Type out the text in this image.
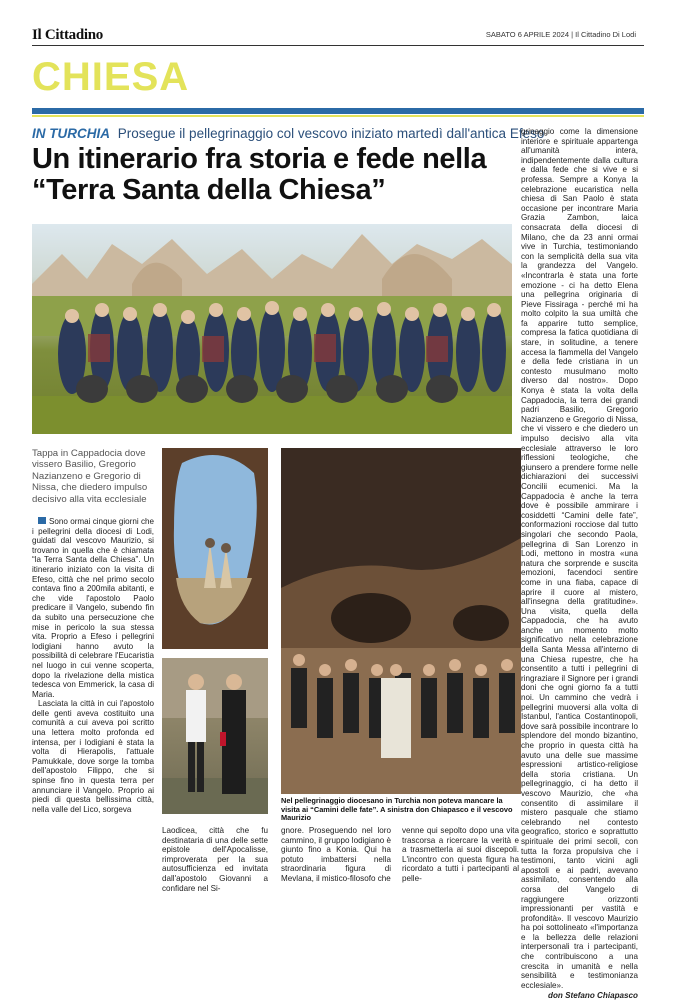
Il Cittadino	SABATO 6 APRILE 2024 | Il Cittadino Di Lodi
CHIESA
IN TURCHIA Prosegue il pellegrinaggio col vescovo iniziato martedì dall'antica Efeso
Un itinerario fra storia e fede nella “Terra Santa della Chiesa”
Tappa in Cappadocia dove vissero Basilio, Gregorio Nazianzeno e Gregorio di Nissa, che diedero impulso decisivo alla vita ecclesiale

Sono ormai cinque giorni che i pellegrini della diocesi di Lodi, guidati dal vescovo Maurizio, si trovano in quella che è chiamata “la Terra Santa della Chiesa”. Un itinerario iniziato con la visita di Efeso, città che nel primo secolo contava fino a 200mila abitanti, e che vide l'apostolo Paolo predicare il Vangelo, subendo fin da subito una persecuzione che mise in pericolo la sua stessa vita. Proprio a Efeso i pellegrini lodigiani hanno avuto la possibilità di celebrare l'Eucaristia nel luogo in cui venne scoperta, dopo la rivelazione della mistica tedesca von Emmerick, la casa di Maria.

Lasciata la città in cui l'apostolo delle genti aveva costituito una comunità a cui aveva poi scritto una lettera molto profonda ed intensa, per i lodigiani è stata la volta di Hierapolis, l'attuale Pamukkale, dove sorge la tomba dell'apostolo Filippo, che si spinse fino in questa terra per annunciare il Vangelo. Proprio ai piedi di questa bellissima città, nella valle del Lico, sorgeva

Nel pellegrinaggio diocesano in Turchia non poteva mancare la visita ai “Camini delle fate”. A sinistra don Chiapasco e il vescovo Maurizio
Laodicea, città che fu destinataria di una delle sette epistole dell'Apocalisse, rimproverata per la sua autosufficienza ed invitata dall'apostolo Giovanni a confidare nel Si-
gnore. Proseguendo nel loro cammino, il gruppo lodigiano è giunto fino a Konia. Qui ha potuto imbattersi nella straordinaria figura di Mevlana, il mistico-filosofo che
venne qui sepolto dopo una vita trascorsa a ricercare la verità e a trasmetterla ai suoi discepoli. L'incontro con questa figura ha ricordato a tutti i partecipanti al pelle-

grinaggio come la dimensione interiore e spirituale appartenga all'umanità intera, indipendentemente dalla cultura e dalla fede che si vive e si professa. Sempre a Konya la celebrazione eucaristica nella chiesa di San Paolo è stata occasione per incontrare Maria Grazia Zambon, laica consacrata della diocesi di Milano, che da 23 anni ormai vive in Turchia, testimoniando con la semplicità della sua vita la grandezza del Vangelo. «Incontrarla è stata una forte emozione - ci ha detto Elena una pellegrina originaria di Pieve Fissiraga - perché mi ha molto colpito la sua umiltà che fa apparire tutto semplice, compresa la fatica quotidiana di stare, in solitudine, a tenere accesa la fiammella del Vangelo e della fede cristiana in un contesto musulmano molto diverso dal nostro». Dopo Konya è stata la volta della Cappadocia, la terra dei grandi padri Basilio, Gregorio Nazianzeno e Gregorio di Nissa, che vi vissero e che diedero un impulso decisivo alla vita ecclesiale attraverso le loro riflessioni teologiche, che giunsero a prendere forme nelle dichiarazioni dei successivi Concilii ecumenici. Ma la Cappadocia è anche la terra dove è possibile ammirare i cosiddetti “Camini delle fate”, conformazioni rocciose dal tutto singolari che secondo Paola, pellegrina di San Lorenzo in Lodi, mettono in mostra «una natura che sorprende e suscita emozioni, facendoci sentire come in una fiaba, capace di aprire il cuore al mistero, all'insegna della gratitudine». Una visita, quella della Cappadocia, che ha avuto anche un momento molto significativo nella celebrazione della Santa Messa all'interno di una Chiesa rupestre, che ha consentito a tutti i pellegrini di ringraziare il Signore per i grandi doni che ogni giorno fa a tutti noi. Un cammino che vedrà i pellegrini muoversi alla volta di Istanbul, l'antica Costantinopoli, dove sarà possibile incontrare lo splendore del mondo bizantino, che proprio in questa città ha avuto una delle sue massime espressioni artistico-religiose della storia cristiana. Un pellegrinaggio, ci ha detto il vescovo Maurizio, che «ha consentito di assimilare il mistero pasquale che stiamo celebrando nel contesto geografico, storico e soprattutto spirituale dei primi secoli, con tutta la forza propulsiva che i testimoni, tanto vicini agli apostoli e ai padri, avevano assimilato, consentendo alla corsa del Vangelo di raggiungere orizzonti impressionanti per vastità e profondità». Il vescovo Maurizio ha poi sottolineato «l'importanza e la bellezza delle relazioni interpersonali tra i partecipanti, che contribuiscono a una crescita in umanità e nella sensibilità e testimonianza ecclesiale».

don Stefano Chiapasco
